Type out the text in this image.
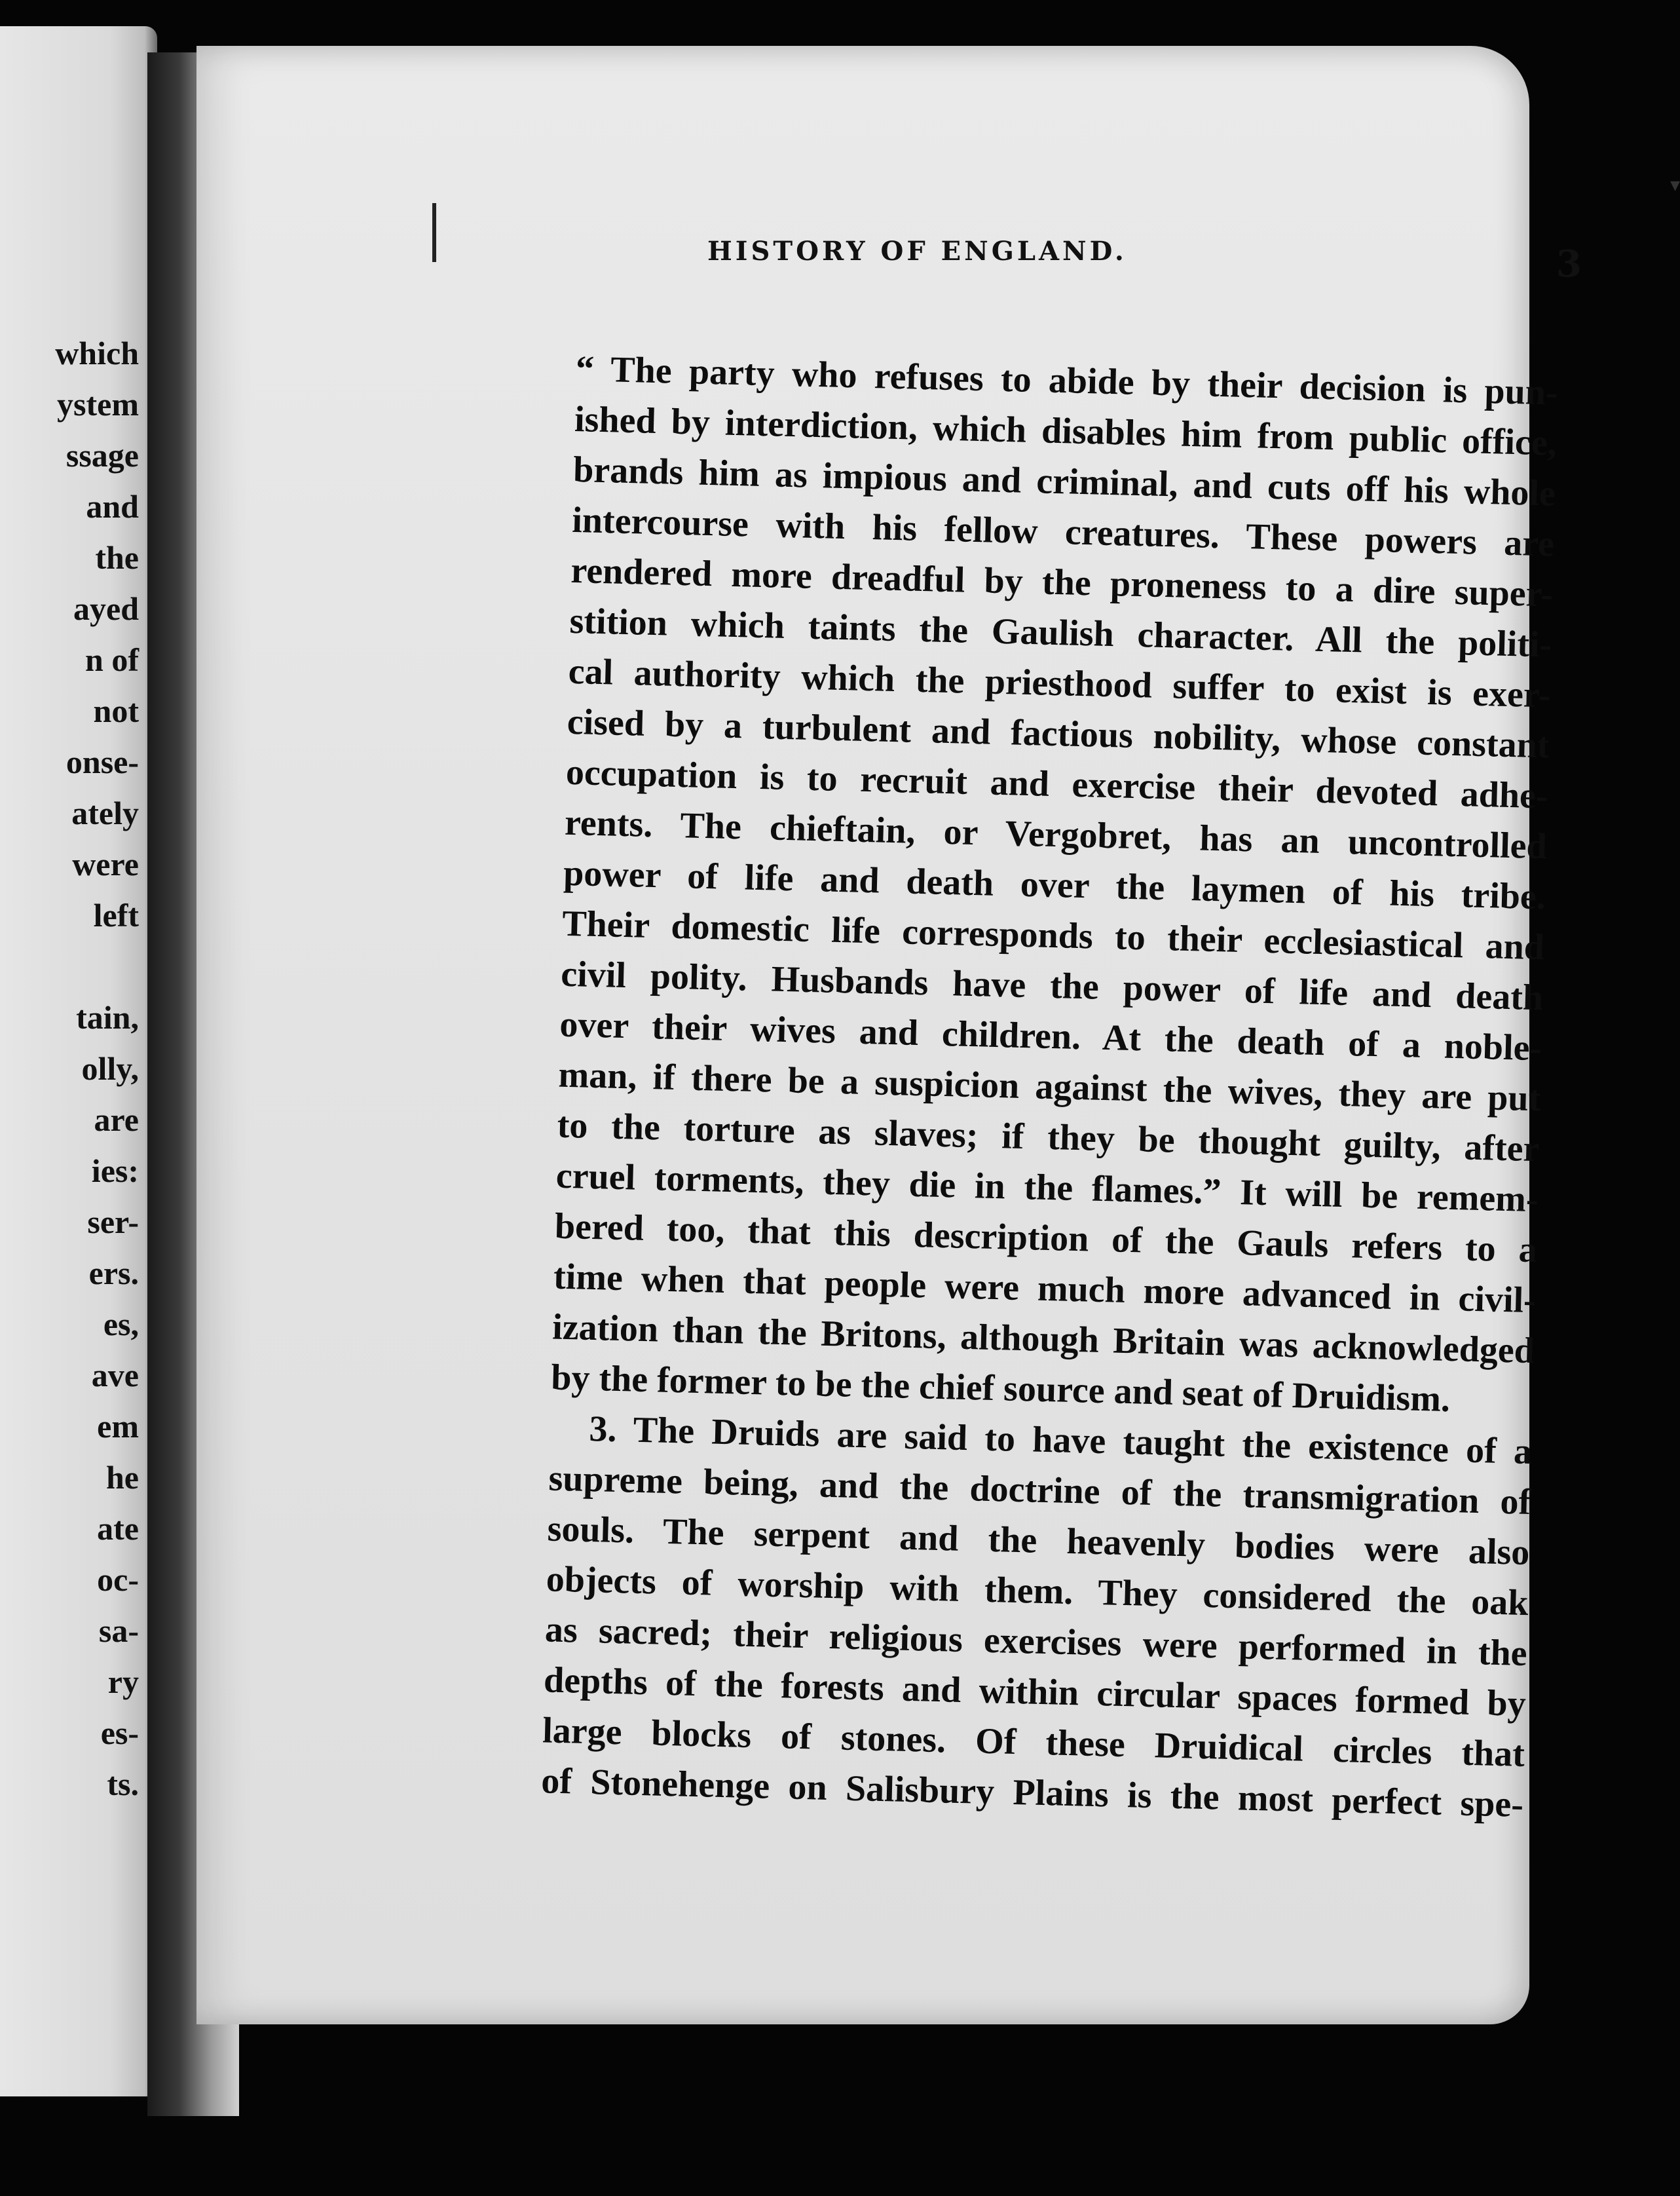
which
ystem
ssage
and
the
ayed
n of
not
onse-
ately
were
left
tain,
olly,
are
ies:
ser-
ers.
es,
ave
em
he
ate
oc-
sa-
ry
es-
ts.
▾
HISTORY OF ENGLAND.	3
“ The party who refuses to abide by their decision is pun-
ished by interdiction, which disables him from public office,
brands him as impious and criminal, and cuts off his whole
intercourse with his fellow creatures. These powers are
rendered more dreadful by the proneness to a dire super-
stition which taints the Gaulish character. All the politi-
cal authority which the priesthood suffer to exist is exer-
cised by a turbulent and factious nobility, whose constant
occupation is to recruit and exercise their devoted adhe-
rents. The chieftain, or Vergobret, has an uncontrolled
power of life and death over the laymen of his tribe.
Their domestic life corresponds to their ecclesiastical and
civil polity. Husbands have the power of life and death
over their wives and children. At the death of a noble-
man, if there be a suspicion against the wives, they are put
to the torture as slaves; if they be thought guilty, after
cruel torments, they die in the flames.” It will be remem-
bered too, that this description of the Gauls refers to a
time when that people were much more advanced in civil-
ization than the Britons, although Britain was acknowledged
by the former to be the chief source and seat of Druidism.
3. The Druids are said to have taught the existence of a
supreme being, and the doctrine of the transmigration of
souls. The serpent and the heavenly bodies were also
objects of worship with them. They considered the oak
as sacred; their religious exercises were performed in the
depths of the forests and within circular spaces formed by
large blocks of stones. Of these Druidical circles that
of Stonehenge on Salisbury Plains is the most perfect spe-
